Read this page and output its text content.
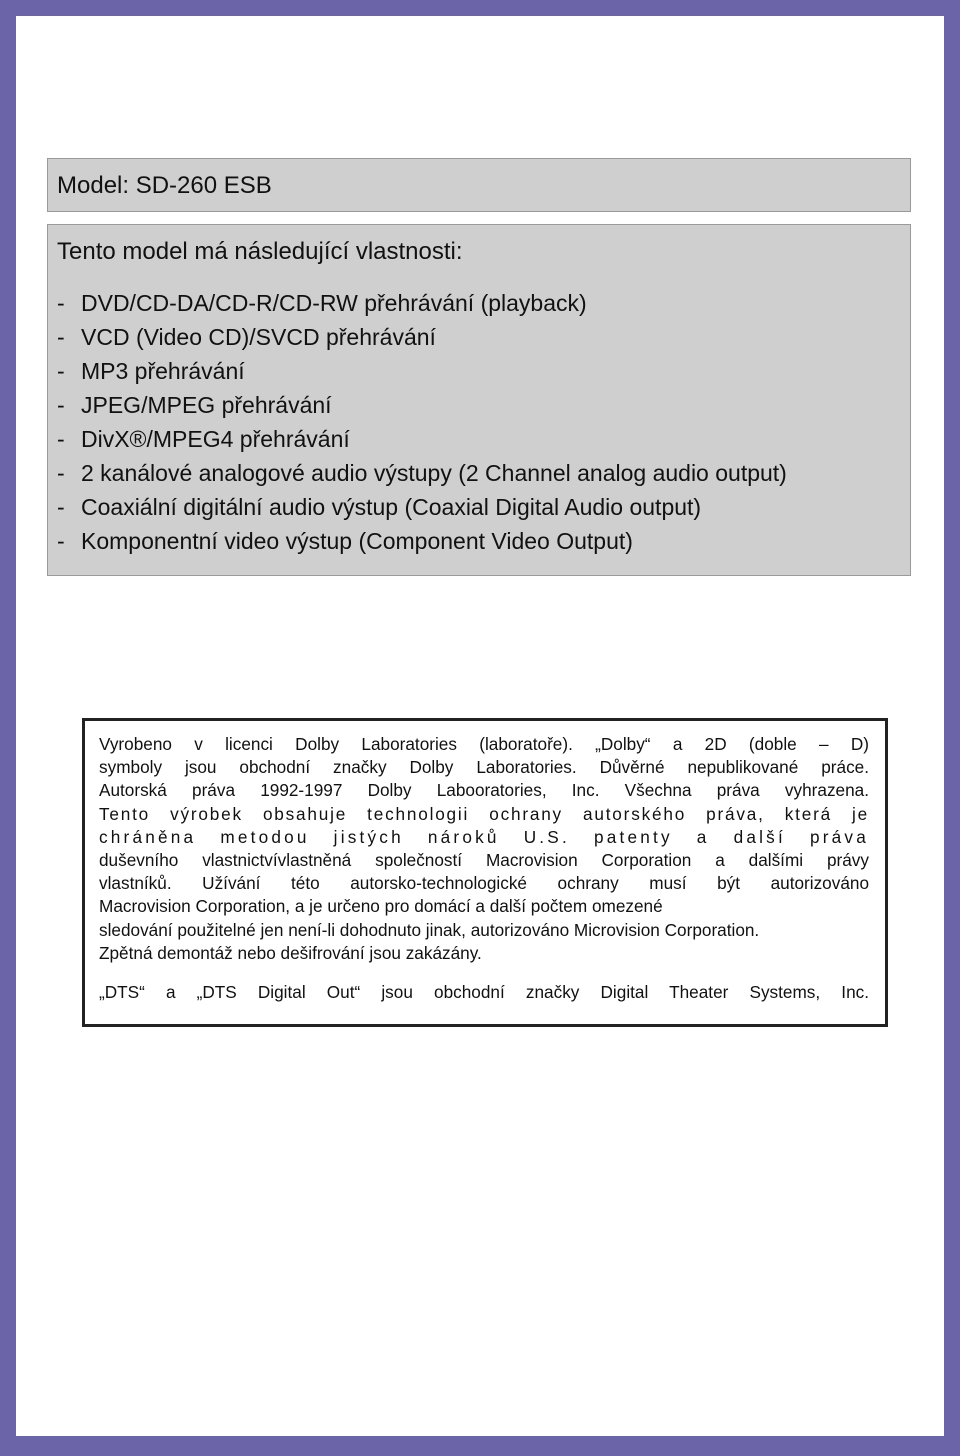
Model: SD-260 ESB
Tento model má následující vlastnosti:
- DVD/CD-DA/CD-R/CD-RW přehrávání (playback)
- VCD (Video CD)/SVCD přehrávání
- MP3 přehrávání
- JPEG/MPEG přehrávání
- DivX®/MPEG4 přehrávání
- 2 kanálové analogové audio výstupy (2 Channel analog audio output)
- Coaxiální digitální audio výstup (Coaxial Digital Audio output)
- Komponentní video výstup (Component Video Output)
Vyrobeno v licenci Dolby Laboratories (laboratoře). „Dolby“ a 2D (doble – D)
symboly jsou obchodní značky Dolby Laboratories. Důvěrné nepublikované práce.
Autorská práva 1992-1997 Dolby Labooratories, Inc. Všechna práva vyhrazena.
Tento výrobek obsahuje technologii ochrany autorského práva, která je
chráněna metodou jistých nároků U.S. patenty a další práva
duševního vlastnictvívlastněná společností Macrovision Corporation a dalšími právy
vlastníků. Užívání této autorsko-technologické ochrany musí být autorizováno
Macrovision Corporation, a je určeno pro domácí a další počtem omezené
sledování použitelné jen není-li dohodnuto jinak, autorizováno Microvision Corporation.
Zpětná demontáž nebo dešifrování jsou zakázány.
„DTS“ a „DTS Digital Out“ jsou obchodní značky Digital Theater Systems, Inc.
